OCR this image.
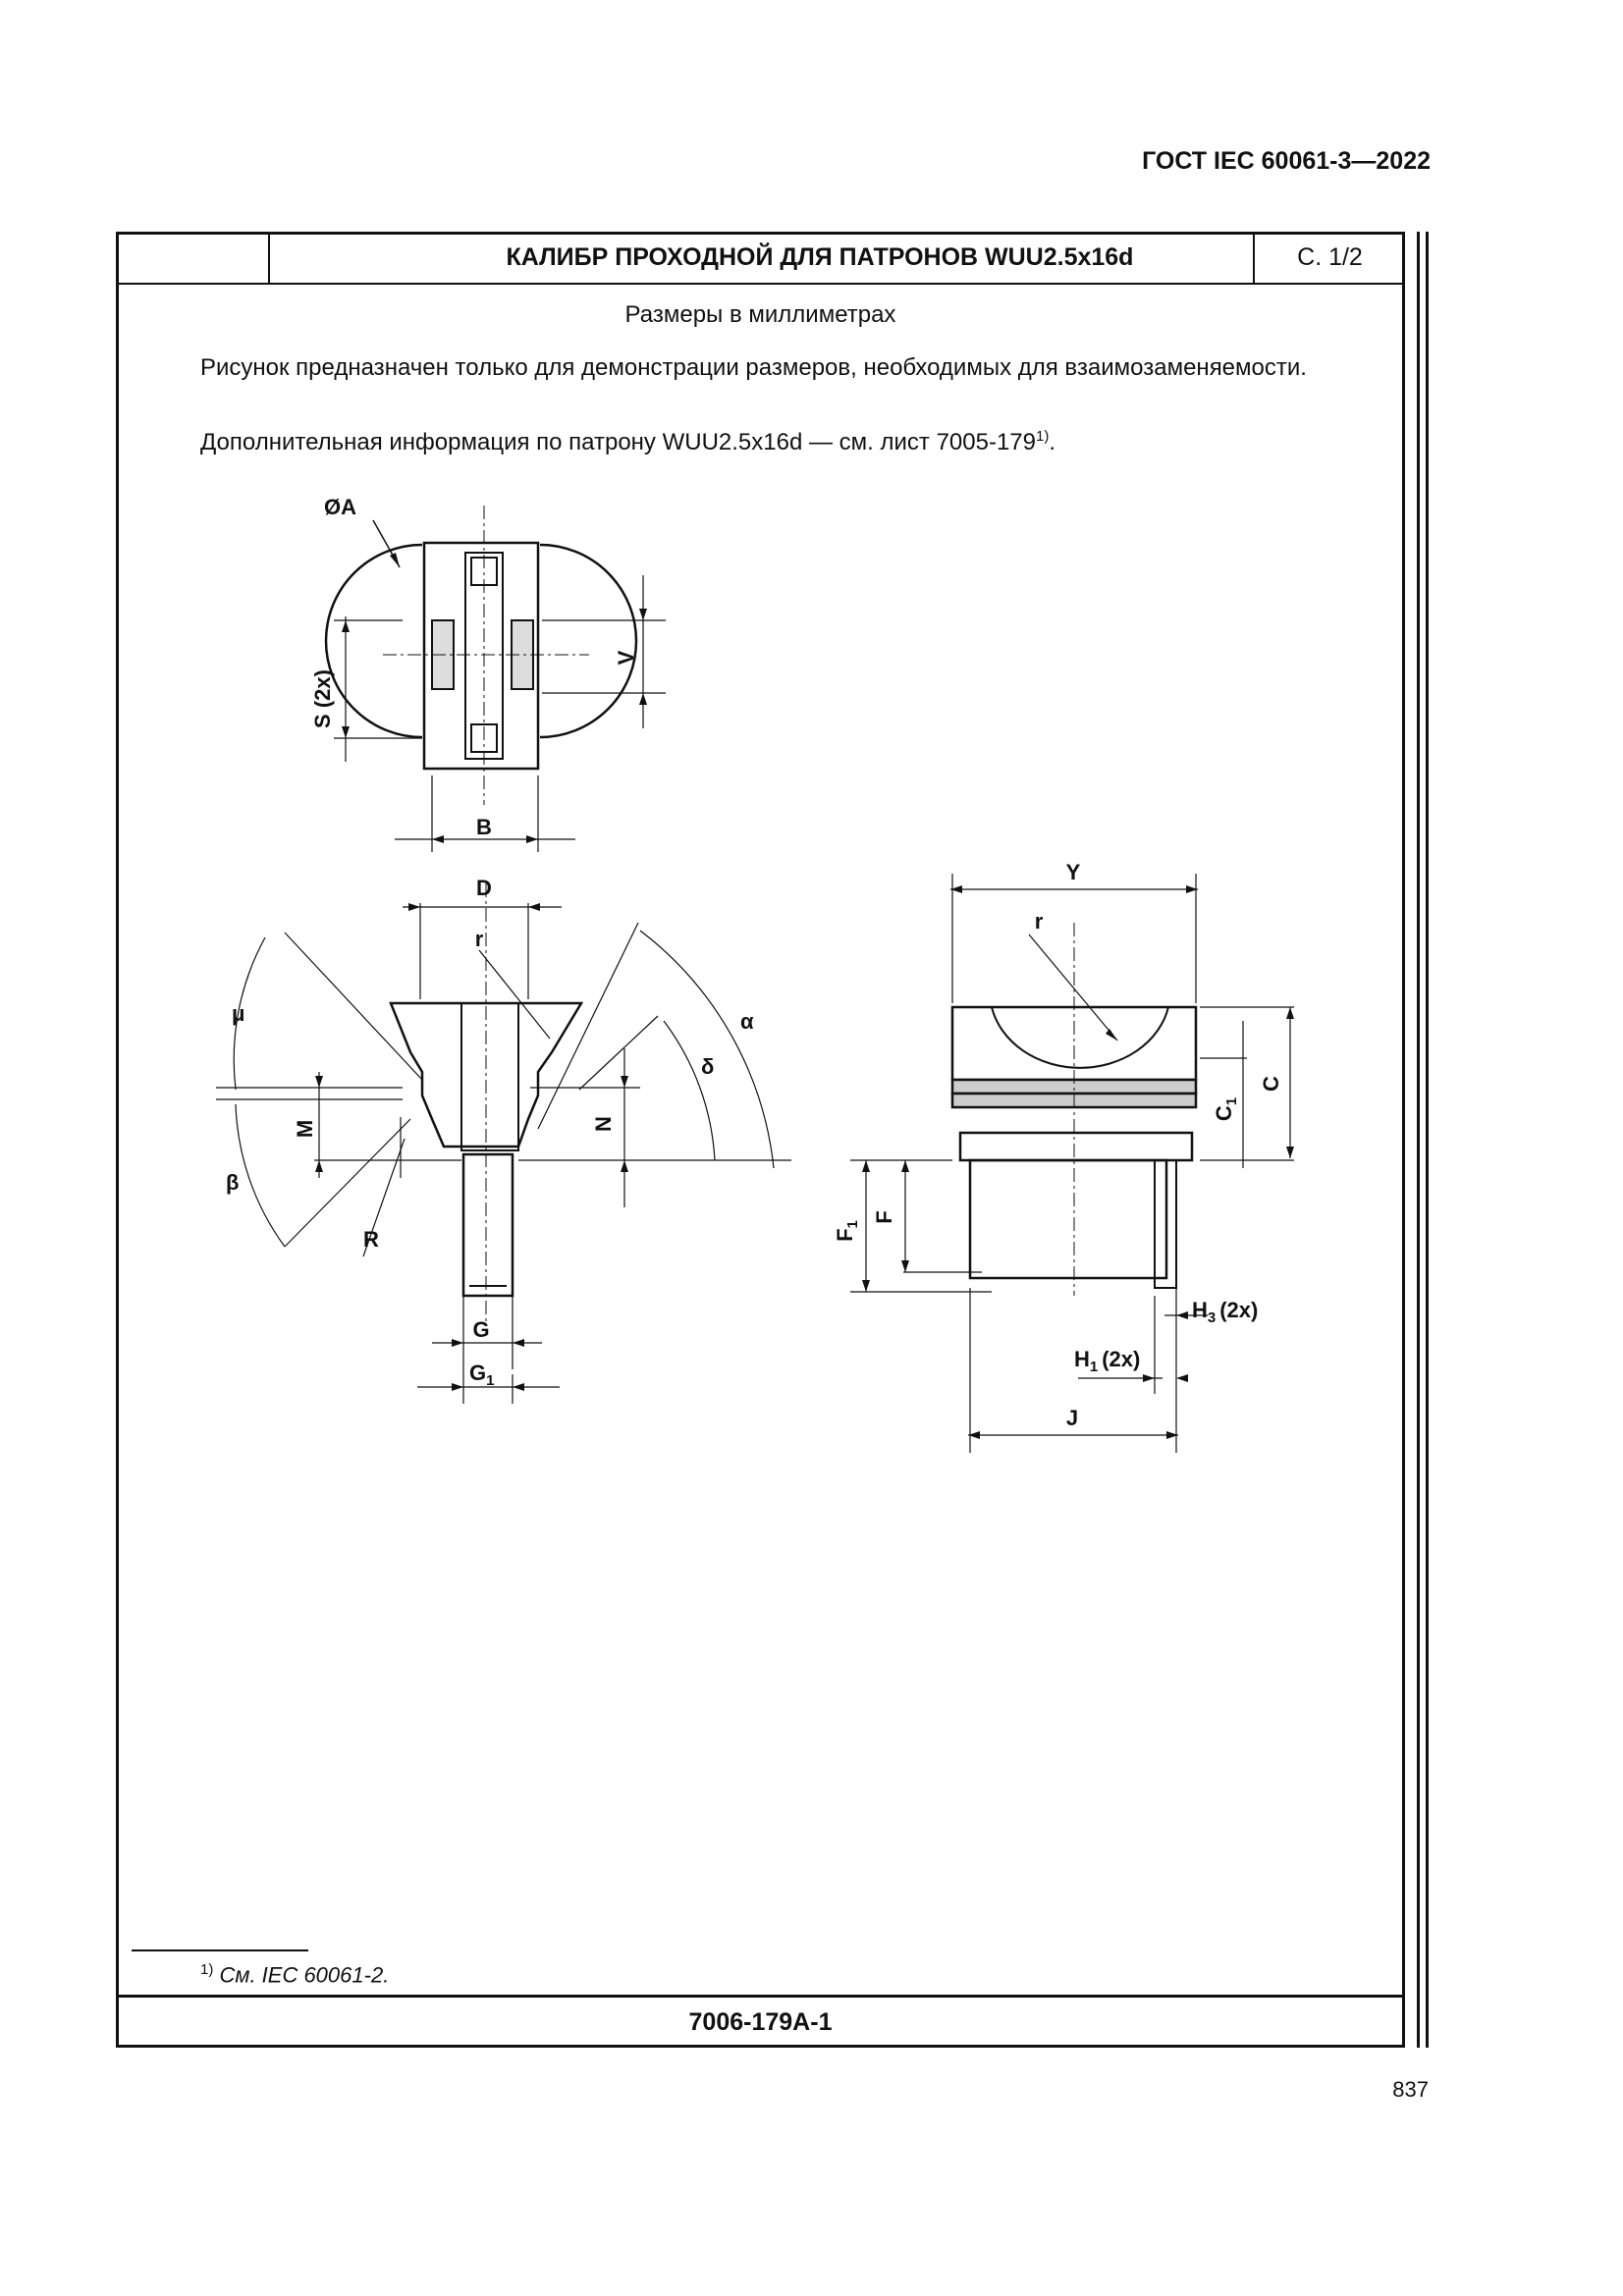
ГОСТ IEC 60061-3—2022
КАЛИБР ПРОХОДНОЙ ДЛЯ ПАТРОНОВ WUU2.5x16d	С. 1/2
Размеры в миллиметрах
Рисунок предназначен только для демонстрации размеров, необходимых для взаимозаменяемости.
Дополнительная информация по патрону WUU2.5x16d — см. лист 7005-179$^{1)}$.
ØA
S (2x)
V
B
D
r
μ
β
M
R
N
α
δ
G
$G_1$
Y
r
C
$C_1$
F
$F_1$
$H_3$ (2x)
$H_1$ (2x)
J
$^{1)}$ См. IEC 60061-2.
7006-179A-1
837
